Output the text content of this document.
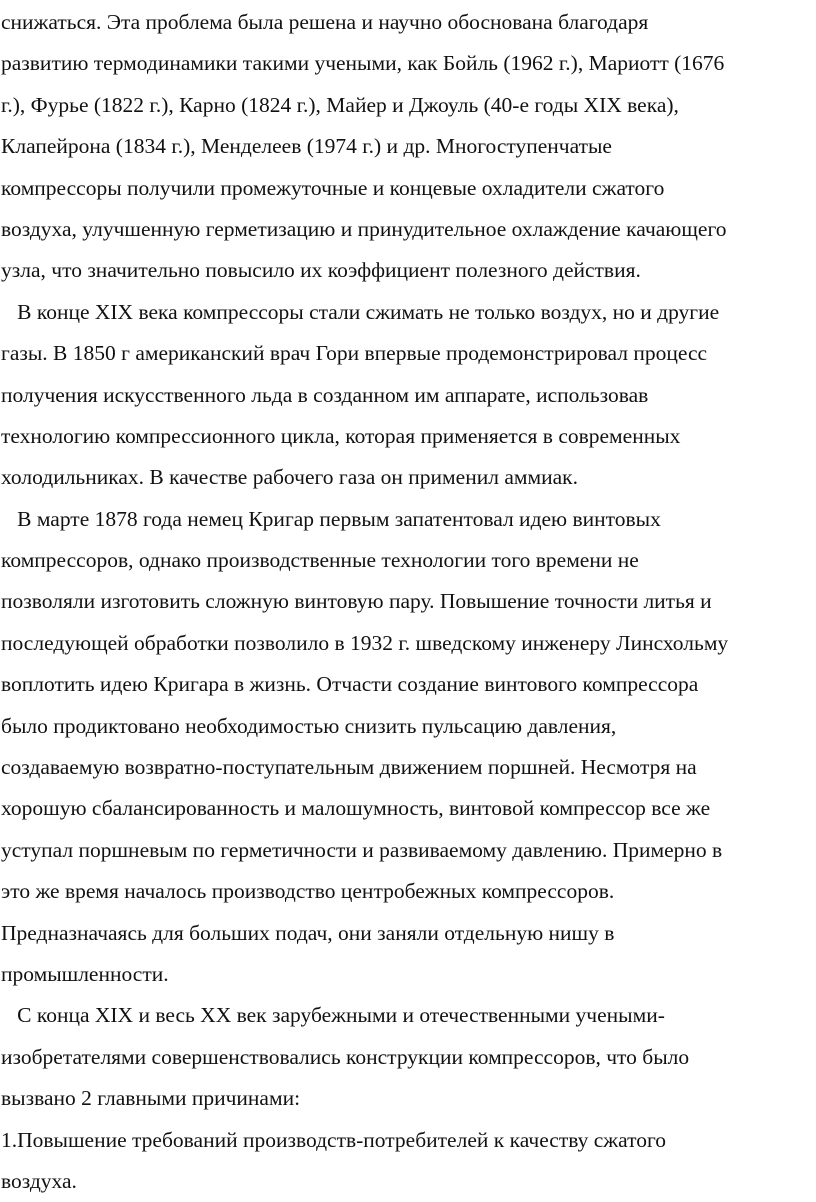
снижаться. Эта проблема была решена и научно обоснована благодаря
развитию термодинамики такими учеными, как Бойль (1962 г.), Мариотт (1676
г.), Фурье (1822 г.), Карно (1824 г.), Майер и Джоуль (40-е годы XIX века),
Клапейрона (1834 г.), Менделеев (1974 г.) и др. Многоступенчатые
компрессоры получили промежуточные и концевые охладители сжатого
воздуха, улучшенную герметизацию и принудительное охлаждение качающего
узла, что значительно повысило их коэффициент полезного действия.
В конце XIX века компрессоры стали сжимать не только воздух, но и другие
газы. В 1850 г американский врач Гори впервые продемонстрировал процесс
получения искусственного льда в созданном им аппарате, использовав
технологию компрессионного цикла, которая применяется в современных
холодильниках. В качестве рабочего газа он применил аммиак.
В марте 1878 года немец Кригар первым запатентовал идею винтовых
компрессоров, однако производственные технологии того времени не
позволяли изготовить сложную винтовую пару. Повышение точности литья и
последующей обработки позволило в 1932 г. шведскому инженеру Линсхольму
воплотить идею Кригара в жизнь. Отчасти создание винтового компрессора
было продиктовано необходимостью снизить пульсацию давления,
создаваемую возвратно-поступательным движением поршней. Несмотря на
хорошую сбалансированность и малошумность, винтовой компрессор все же
уступал поршневым по герметичности и развиваемому давлению. Примерно в
это же время началось производство центробежных компрессоров.
Предназначаясь для больших подач, они заняли отдельную нишу в
промышленности.
С конца XIX и весь XX век зарубежными и отечественными учеными-
изобретателями совершенствовались конструкции компрессоров, что было
вызвано 2 главными причинами:
1.Повышение требований производств-потребителей к качеству сжатого
воздуха.
